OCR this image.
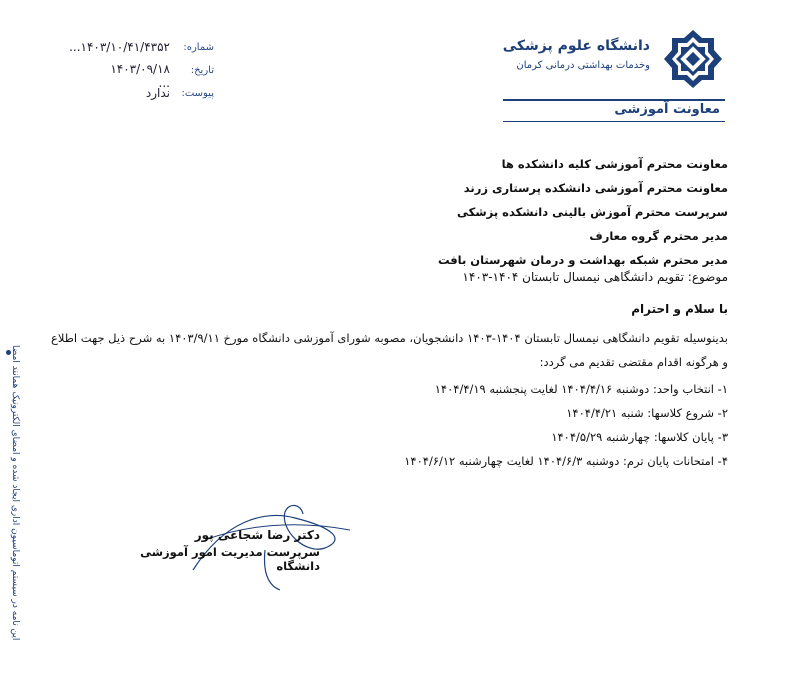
دانشگاه علوم پزشکی
وخدمات بهداشتی درمانی کرمان
معاونت آموزشی
شماره:
...۱۴۰۳/۱۰/۴۱/۴۳۵۲
تاریخ:
۱۴۰۳/۰۹/۱۸ ...
پیوست:
ندارد
معاونت محترم آموزشی کلیه دانشکده ها
معاونت محترم آموزشی دانشکده پرستاری زرند
سرپرست محترم آموزش بالینی دانشکده پزشکی
مدیر محترم گروه معارف
مدیر محترم شبکه بهداشت و درمان شهرستان بافت
موضوع: تقویم دانشگاهی نیمسال تابستان ۱۴۰۴-۱۴۰۳
با سلام و احترام
بدینوسیله تقویم دانشگاهی نیمسال تابستان ۱۴۰۴-۱۴۰۳ دانشجویان، مصوبه شورای آموزشی دانشگاه مورخ ۱۴۰۳/۹/۱۱ به شرح ذیل جهت اطلاع
و هرگونه اقدام مقتضی تقدیم می گردد:
۱- انتخاب واحد: دوشنبه ۱۴۰۴/۴/۱۶ لغایت پنجشنبه ۱۴۰۴/۴/۱۹
۲- شروع کلاسها: شنبه ۱۴۰۴/۴/۲۱
۳- پایان کلاسها: چهارشنبه ۱۴۰۴/۵/۲۹
۴- امتحانات پایان ترم: دوشنبه ۱۴۰۴/۶/۳ لغایت چهارشنبه ۱۴۰۴/۶/۱۲
دکتر رضا شجاعی پور
سرپرست مدیریت امور آموزشی دانشگاه
این نامه در سیستم اتوماسیون اداری ایجاد شده و امضای الکترونیک همانند امضا
